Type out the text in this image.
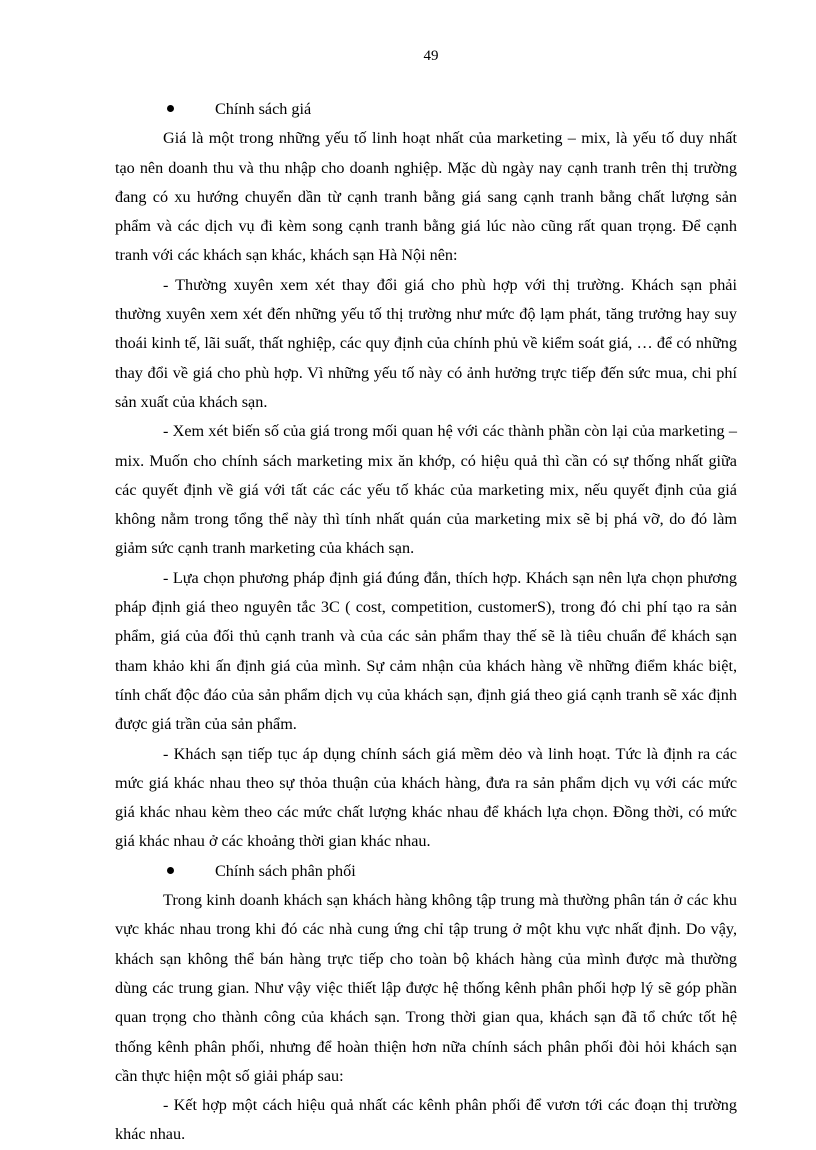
49
Chính sách giá

Giá là một trong những yếu tố linh hoạt nhất của marketing – mix, là yếu tố duy nhất tạo nên doanh thu và thu nhập cho doanh nghiệp. Mặc dù ngày nay cạnh tranh trên thị trường đang có xu hướng chuyển dần từ cạnh tranh bằng giá sang cạnh tranh bằng chất lượng sản phẩm và các dịch vụ đi kèm song cạnh tranh bằng giá lúc nào cũng rất quan trọng. Để cạnh tranh với các khách sạn khác, khách sạn Hà Nội nên:

- Thường xuyên xem xét thay đổi giá cho phù hợp với thị trường. Khách sạn phải thường xuyên xem xét đến những yếu tố thị trường như mức độ lạm phát, tăng trưởng hay suy thoái kinh tế, lãi suất, thất nghiệp, các quy định của chính phủ về kiểm soát giá, … để có những thay đổi về giá cho phù hợp. Vì những yếu tố này có ảnh hưởng trực tiếp đến sức mua, chi phí sản xuất của khách sạn.

- Xem xét biến số của giá trong mối quan hệ với các thành phần còn lại của marketing – mix. Muốn cho chính sách marketing mix ăn khớp, có hiệu quả thì cần có sự thống nhất giữa các quyết định về giá với tất các các yếu tố khác của marketing mix, nếu quyết định của giá không nằm trong tổng thể này thì tính nhất quán của marketing mix sẽ bị phá vỡ, do đó làm giảm sức cạnh tranh marketing của khách sạn.

- Lựa chọn phương pháp định giá đúng đắn, thích hợp. Khách sạn nên lựa chọn phương pháp định giá theo nguyên tắc 3C ( cost, competition, customerS), trong đó chi phí tạo ra sản phẩm, giá của đối thủ cạnh tranh và của các sản phẩm thay thế sẽ là tiêu chuẩn để khách sạn tham khảo khi ấn định giá của mình. Sự cảm nhận của khách hàng về những điểm khác biệt, tính chất độc đáo của sản phẩm dịch vụ của khách sạn, định giá theo giá cạnh tranh sẽ xác định được giá trần của sản phẩm.

- Khách sạn tiếp tục áp dụng chính sách giá mềm dẻo và linh hoạt. Tức là định ra các mức giá khác nhau theo sự thỏa thuận của khách hàng, đưa ra sản phẩm dịch vụ với các mức giá khác nhau kèm theo các mức chất lượng khác nhau để khách lựa chọn. Đồng thời, có mức giá khác nhau ở các khoảng thời gian khác nhau.

Chính sách phân phối

Trong kinh doanh khách sạn khách hàng không tập trung mà thường phân tán ở các khu vực khác nhau trong khi đó các nhà cung ứng chỉ tập trung ở một khu vực nhất định. Do vậy, khách sạn không thể bán hàng trực tiếp cho toàn bộ khách hàng của mình được mà thường dùng các trung gian. Như vậy việc thiết lập được hệ thống kênh phân phối hợp lý sẽ góp phần quan trọng cho thành công của khách sạn. Trong thời gian qua, khách sạn đã tổ chức tốt hệ thống kênh phân phối, nhưng để hoàn thiện hơn nữa chính sách phân phối đòi hỏi khách sạn cần thực hiện một số giải pháp sau:

- Kết hợp một cách hiệu quả nhất các kênh phân phối để vươn tới các đoạn thị trường khác nhau.
